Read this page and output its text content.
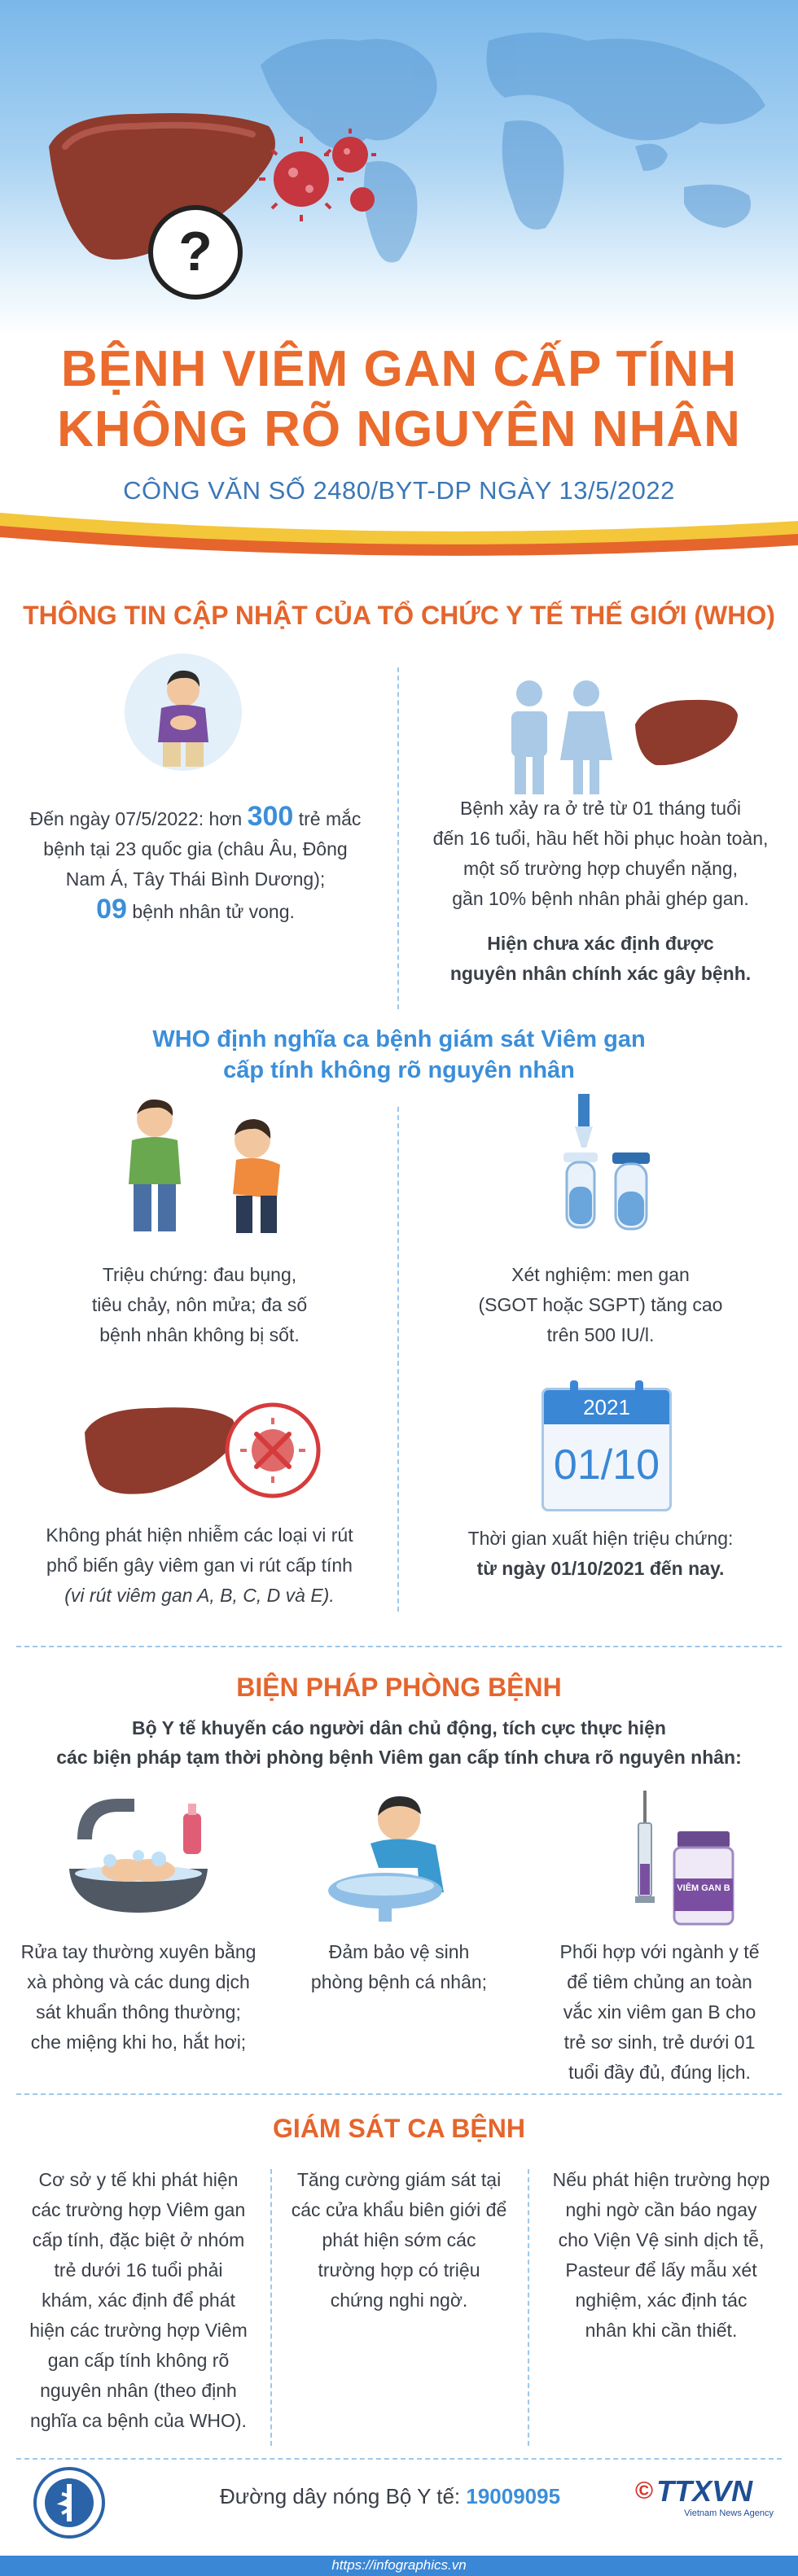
?
BỆNH VIÊM GAN CẤP TÍNH
KHÔNG RÕ NGUYÊN NHÂN
CÔNG VĂN SỐ 2480/BYT-DP NGÀY 13/5/2022
THÔNG TIN CẬP NHẬT CỦA TỔ CHỨC Y TẾ THẾ GIỚI (WHO)
Đến ngày 07/5/2022: hơn 300 trẻ mắc
bệnh tại 23 quốc gia (châu Âu, Đông
Nam Á, Tây Thái Bình Dương);
09 bệnh nhân tử vong.
Bệnh xảy ra ở trẻ từ 01 tháng tuổi
đến 16 tuổi, hầu hết hồi phục hoàn toàn,
một số trường hợp chuyển nặng,
gần 10% bệnh nhân phải ghép gan.
Hiện chưa xác định được
nguyên nhân chính xác gây bệnh.
WHO định nghĩa ca bệnh giám sát Viêm gan
cấp tính không rõ nguyên nhân
Triệu chứng: đau bụng,
tiêu chảy, nôn mửa; đa số
bệnh nhân không bị sốt.
Xét nghiệm: men gan
(SGOT hoặc SGPT) tăng cao
trên 500 IU/l.
Không phát hiện nhiễm các loại vi rút
phổ biến gây viêm gan vi rút cấp tính
(vi rút viêm gan A, B, C, D và E).
2021
01/10
Thời gian xuất hiện triệu chứng:
từ ngày 01/10/2021 đến nay.
BIỆN PHÁP PHÒNG BỆNH
Bộ Y tế khuyến cáo người dân chủ động, tích cực thực hiện
các biện pháp tạm thời phòng bệnh Viêm gan cấp tính chưa rõ nguyên nhân:
VIÊM GAN B
Rửa tay thường xuyên bằng
xà phòng và các dung dịch
sát khuẩn thông thường;
che miệng khi ho, hắt hơi;
Đảm bảo vệ sinh
phòng bệnh cá nhân;
Phối hợp với ngành y tế
để tiêm chủng an toàn
vắc xin viêm gan B cho
trẻ sơ sinh, trẻ dưới 01
tuổi đầy đủ, đúng lịch.
GIÁM SÁT CA BỆNH
Cơ sở y tế khi phát hiện
các trường hợp Viêm gan
cấp tính, đặc biệt ở nhóm
trẻ dưới 16 tuổi phải
khám, xác định để phát
hiện các trường hợp Viêm
gan cấp tính không rõ
nguyên nhân (theo định
nghĩa ca bệnh của WHO).
Tăng cường giám sát tại
các cửa khẩu biên giới để
phát hiện sớm các
trường hợp có triệu
chứng nghi ngờ.
Nếu phát hiện trường hợp
nghi ngờ cần báo ngay
cho Viện Vệ sinh dịch tễ,
Pasteur để lấy mẫu xét
nghiệm, xác định tác
nhân khi cần thiết.
Đường dây nóng Bộ Y tế: 19009095	© TTXVN
Vietnam News Agency
https://infographics.vn
